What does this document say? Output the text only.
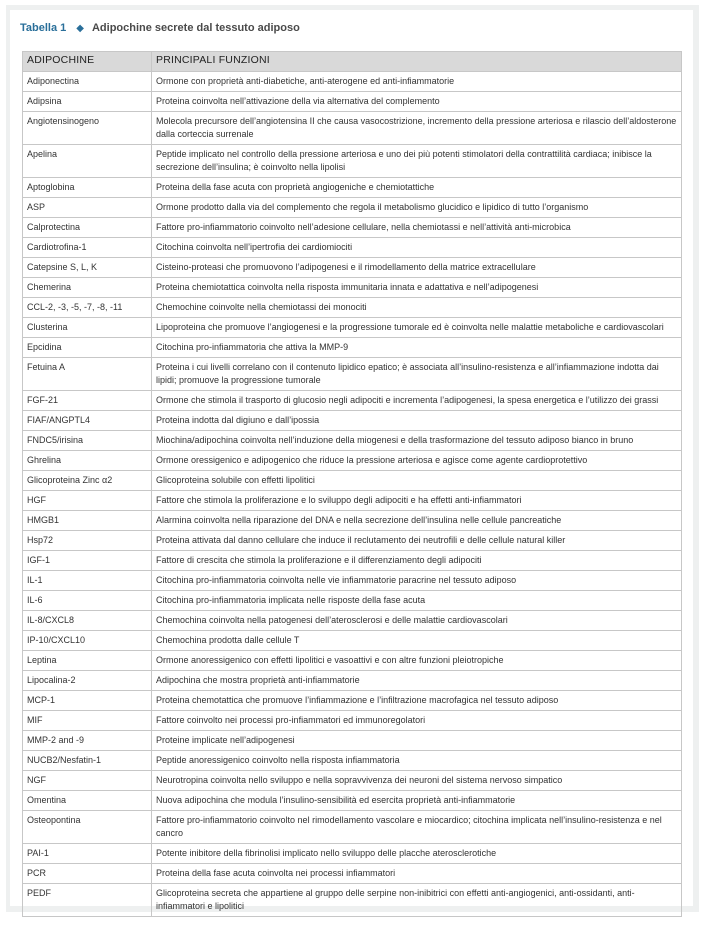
Tabella 1 ◆ Adipochine secrete dal tessuto adiposo
ADIPOCHINE	PRINCIPALI FUNZIONI
Adiponectina	Ormone con proprietà anti-diabetiche, anti-aterogene ed anti-infiammatorie
Adipsina	Proteina coinvolta nell’attivazione della via alternativa del complemento
Angiotensinogeno	Molecola precursore dell’angiotensina II che causa vasocostrizione, incremento della pressione arteriosa e rilascio dell’aldosterone dalla corteccia surrenale
Apelina	Peptide implicato nel controllo della pressione arteriosa e uno dei più potenti stimolatori della contrattilità cardiaca; inibisce la secrezione dell’insulina; è coinvolto nella lipolisi
Aptoglobina	Proteina della fase acuta con proprietà angiogeniche e chemiotattiche
ASP	Ormone prodotto dalla via del complemento che regola il metabolismo glucidico e lipidico di tutto l’organismo
Calprotectina	Fattore pro-infiammatorio coinvolto nell’adesione cellulare, nella chemiotassi e nell’attività anti-microbica
Cardiotrofina-1	Citochina coinvolta nell’ipertrofia dei cardiomiociti
Catepsine S, L, K	Cisteino-proteasi che promuovono l’adipogenesi e il rimodellamento della matrice extracellulare
Chemerina	Proteina chemiotattica coinvolta nella risposta immunitaria innata e adattativa e nell’adipogenesi
CCL-2, -3, -5, -7, -8, -11	Chemochine coinvolte nella chemiotassi dei monociti
Clusterina	Lipoproteina che promuove l’angiogenesi e la progressione tumorale ed è coinvolta nelle malattie metaboliche e cardiovascolari
Epcidina	Citochina pro-infiammatoria che attiva la MMP-9
Fetuina A	Proteina i cui livelli correlano con il contenuto lipidico epatico; è associata all’insulino-resistenza e all’infiammazione indotta dai lipidi; promuove la progressione tumorale
FGF-21	Ormone che stimola il trasporto di glucosio negli adipociti e incrementa l’adipogenesi, la spesa energetica e l’utilizzo dei grassi
FIAF/ANGPTL4	Proteina indotta dal digiuno e dall’ipossia
FNDC5/irisina	Miochina/adipochina coinvolta nell’induzione della miogenesi e della trasformazione del tessuto adiposo bianco in bruno
Ghrelina	Ormone oressigenico e adipogenico che riduce la pressione arteriosa e agisce come agente cardioprotettivo
Glicoproteina Zinc α2	Glicoproteina solubile con effetti lipolitici
HGF	Fattore che stimola la proliferazione e lo sviluppo degli adipociti e ha effetti anti-infiammatori
HMGB1	Alarmina coinvolta nella riparazione del DNA e nella secrezione dell’insulina nelle cellule pancreatiche
Hsp72	Proteina attivata dal danno cellulare che induce il reclutamento dei neutrofili e delle cellule natural killer
IGF-1	Fattore di crescita che stimola la proliferazione e il differenziamento degli adipociti
IL-1	Citochina pro-infiammatoria coinvolta nelle vie infiammatorie paracrine nel tessuto adiposo
IL-6	Citochina pro-infiammatoria implicata nelle risposte della fase acuta
IL-8/CXCL8	Chemochina coinvolta nella patogenesi dell’aterosclerosi e delle malattie cardiovascolari
IP-10/CXCL10	Chemochina prodotta dalle cellule T
Leptina	Ormone anoressigenico con effetti lipolitici e vasoattivi e con altre funzioni pleiotropiche
Lipocalina-2	Adipochina che mostra proprietà anti-infiammatorie
MCP-1	Proteina chemotattica che promuove l’infiammazione e l’infiltrazione macrofagica nel tessuto adiposo
MIF	Fattore coinvolto nei processi pro-infiammatori ed immunoregolatori
MMP-2 and -9	Proteine implicate nell’adipogenesi
NUCB2/Nesfatin-1	Peptide anoressigenico coinvolto nella risposta infiammatoria
NGF	Neurotropina coinvolta nello sviluppo e nella sopravvivenza dei neuroni del sistema nervoso simpatico
Omentina	Nuova adipochina che modula l’insulino-sensibilità ed esercita proprietà anti-infiammatorie
Osteopontina	Fattore pro-infiammatorio coinvolto nel rimodellamento vascolare e miocardico; citochina implicata nell’insulino-resistenza e nel cancro
PAI-1	Potente inibitore della fibrinolisi implicato nello sviluppo delle placche aterosclerotiche
PCR	Proteina della fase acuta coinvolta nei processi infiammatori
PEDF	Glicoproteina secreta che appartiene al gruppo delle serpine non-inibitrici con effetti anti-angiogenici, anti-ossidanti, anti-infiammatori e lipolitici
